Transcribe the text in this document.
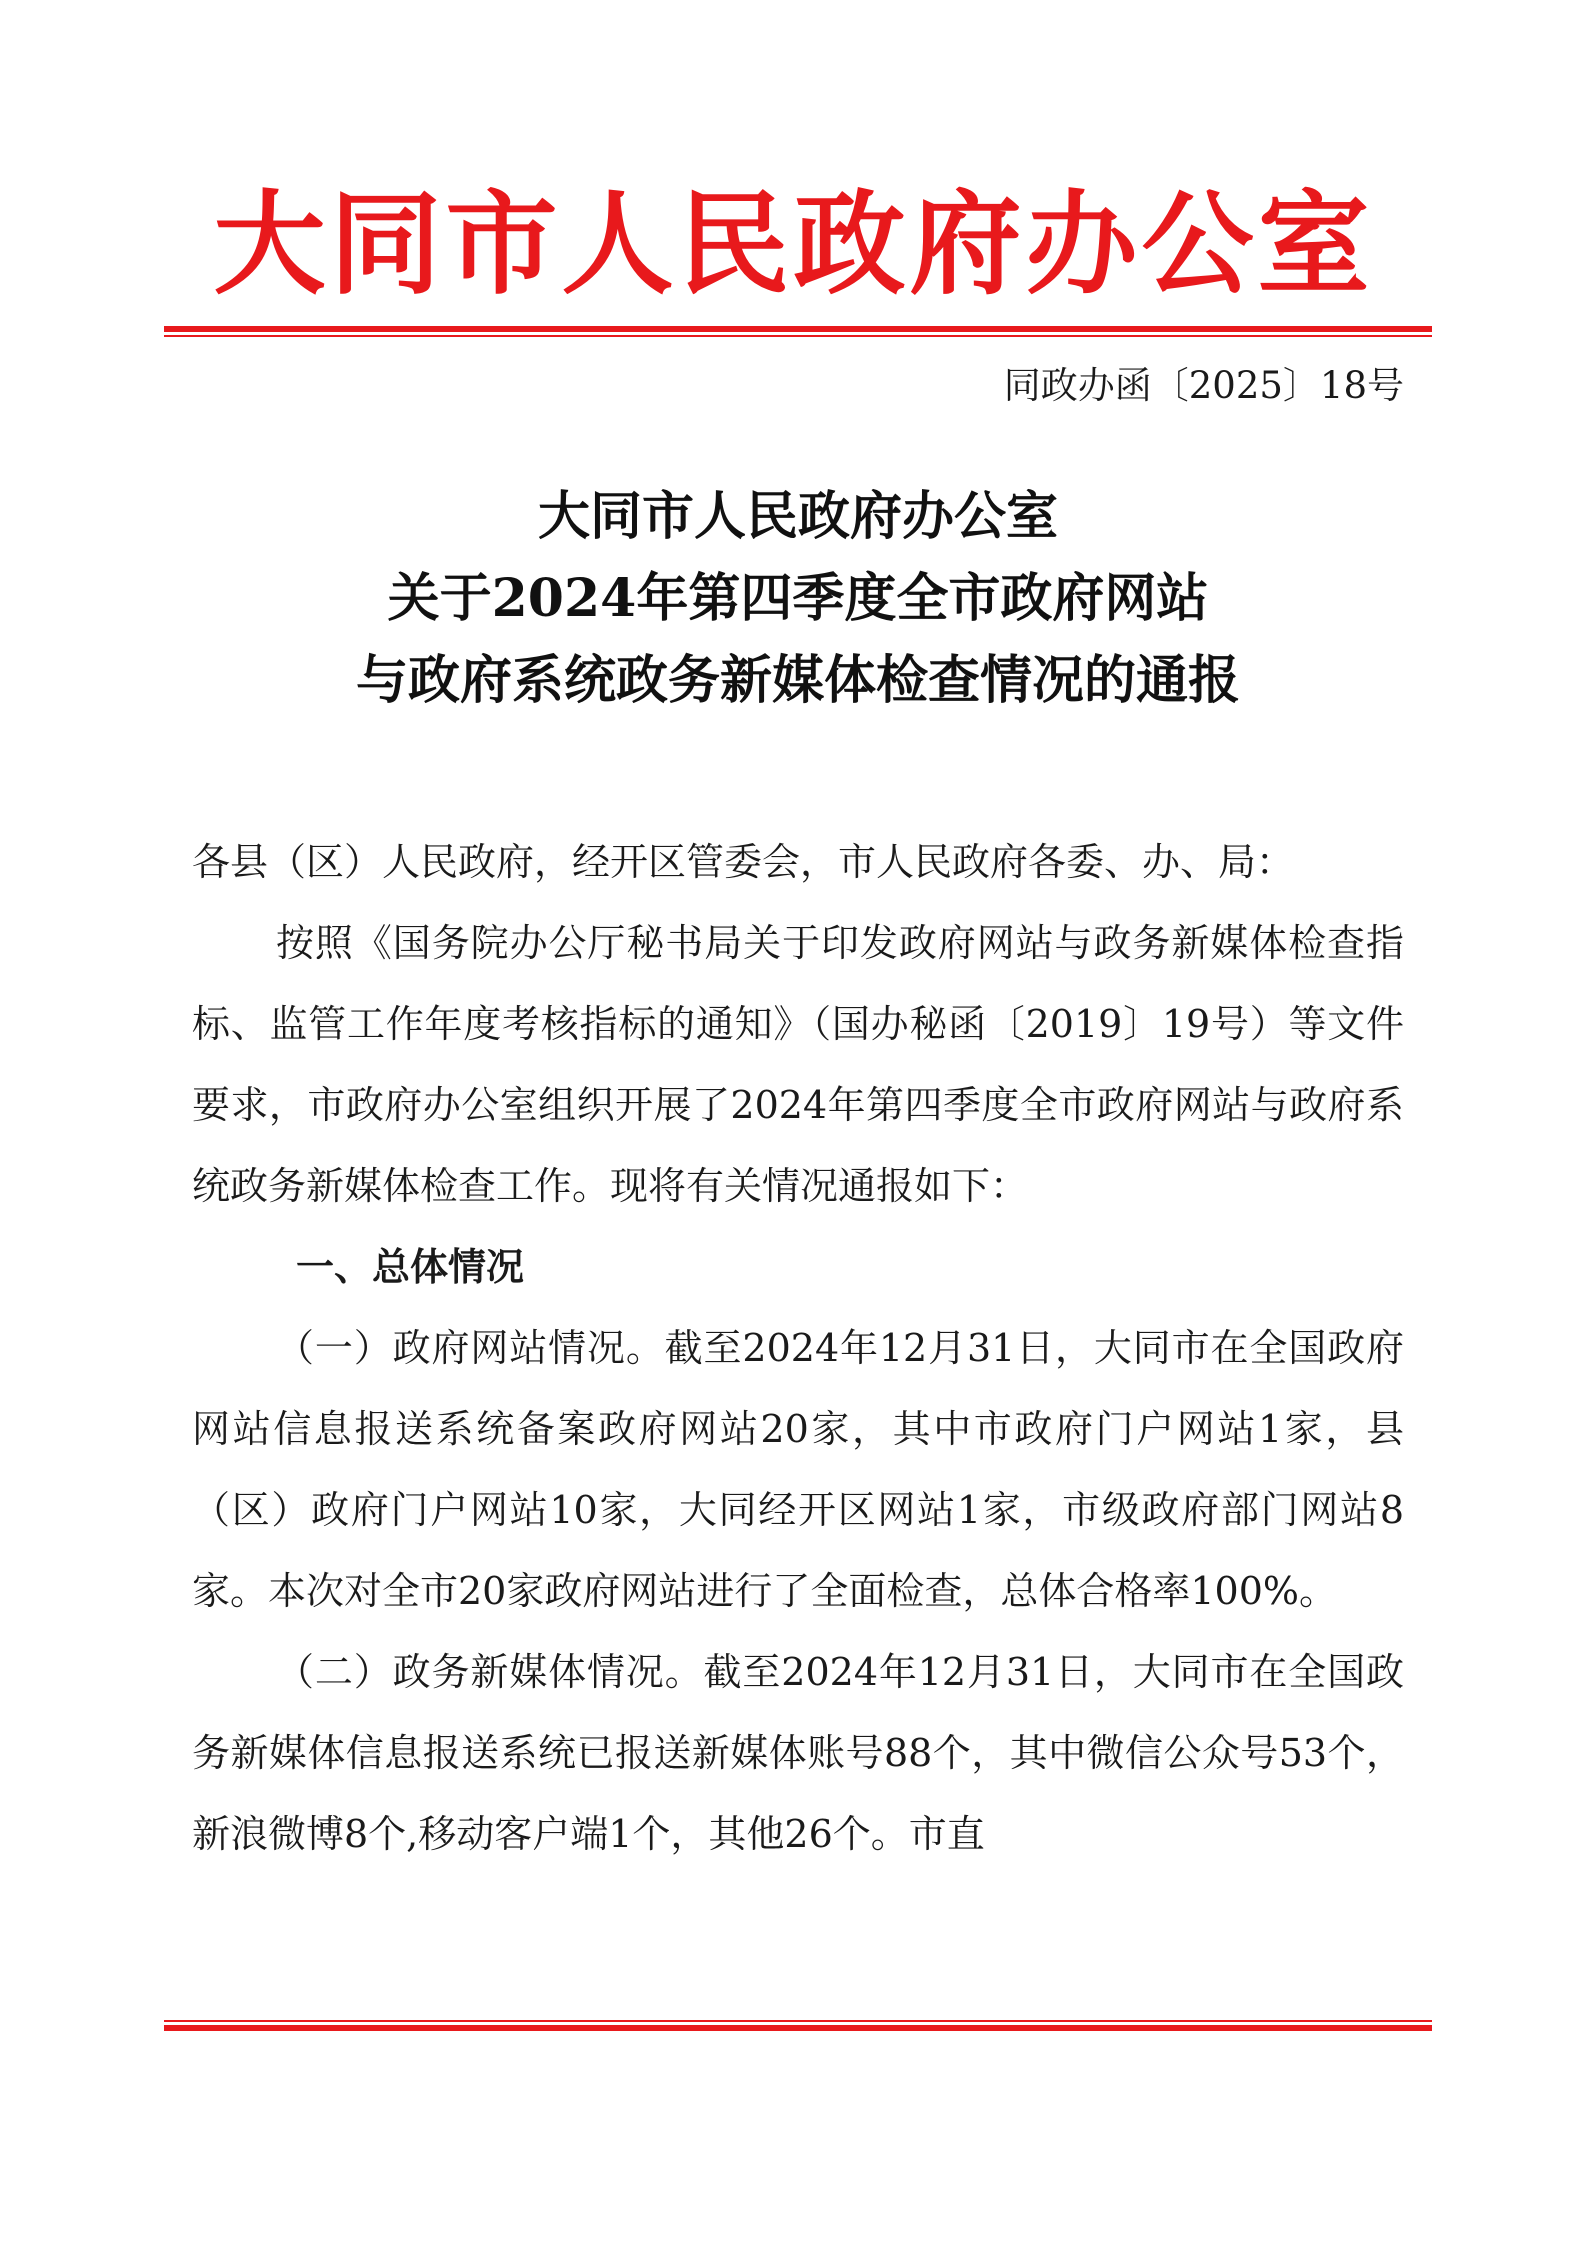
大同市人民政府办公室
同政办函〔2025〕18号
大同市人民政府办公室
关于2024年第四季度全市政府网站
与政府系统政务新媒体检查情况的通报

各县（区）人民政府，经开区管委会，市人民政府各委、办、局：

按照《国务院办公厅秘书局关于印发政府网站与政务新媒体检查指标、监管工作年度考核指标的通知》（国办秘函〔2019〕19号）等文件要求，市政府办公室组织开展了2024年第四季度全市政府网站与政府系统政务新媒体检查工作。现将有关情况通报如下：

一、总体情况

（一）政府网站情况。截至2024年12月31日，大同市在全国政府网站信息报送系统备案政府网站20家，其中市政府门户网站1家，县（区）政府门户网站10家，大同经开区网站1家，市级政府部门网站8家。本次对全市20家政府网站进行了全面检查，总体合格率100%。

（二）政务新媒体情况。截至2024年12月31日，大同市在全国政务新媒体信息报送系统已报送新媒体账号88个，其中微信公众号53个，新浪微博8个,移动客户端1个，其他26个。市直
